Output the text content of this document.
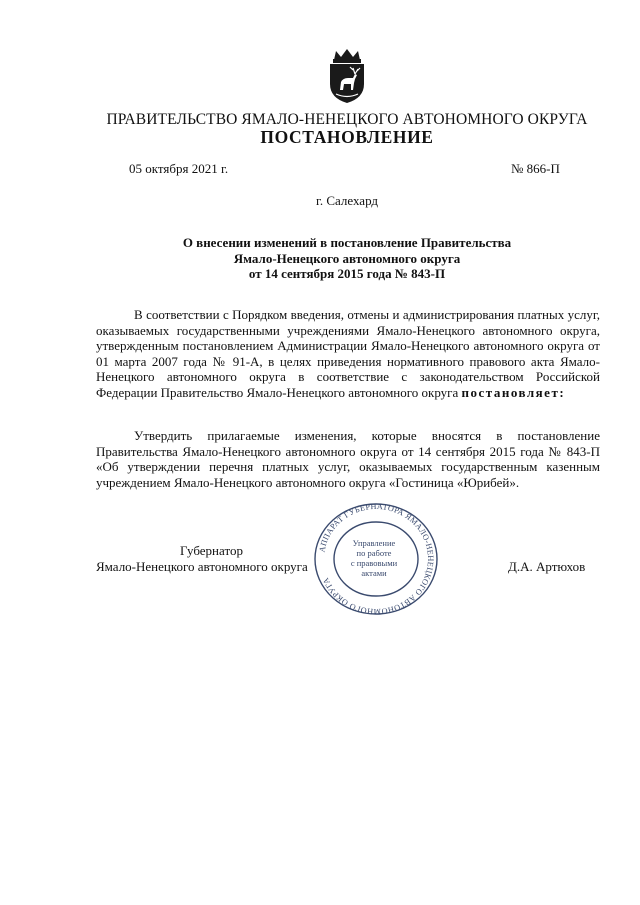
ПРАВИТЕЛЬСТВО ЯМАЛО-НЕНЕЦКОГО АВТОНОМНОГО ОКРУГА
ПОСТАНОВЛЕНИЕ
05 октября 2021 г.	№ 866-П
г. Салехард
О внесении изменений в постановление Правительства
Ямало-Ненецкого автономного округа
от 14 сентября 2015 года № 843-П
В соответствии с Порядком введения, отмены и администрирования платных услуг, оказываемых государственными учреждениями Ямало-Ненецкого автономного округа, утвержденным постановлением Администрации Ямало-Ненецкого автономного округа от 01 марта 2007 года № 91-А, в целях приведения нормативного правового акта Ямало-Ненецкого автономного округа в соответствие с законодательством Российской Федерации Правительство Ямало-Ненецкого автономного округа постановляет:
Утвердить прилагаемые изменения, которые вносятся в постановление Правительства Ямало-Ненецкого автономного округа от 14 сентября 2015 года № 843-П «Об утверждении перечня платных услуг, оказываемых государственным казенным учреждением Ямало-Ненецкого автономного округа «Гостиница «Юрибей».
Губернатор
Ямало-Ненецкого автономного округа
АППАРАТ ГУБЕРНАТОРА ЯМАЛО-НЕНЕЦКОГО АВТОНОМНОГО ОКРУГА
Управление
по работе
с правовыми
актами	Д.А. Артюхов
